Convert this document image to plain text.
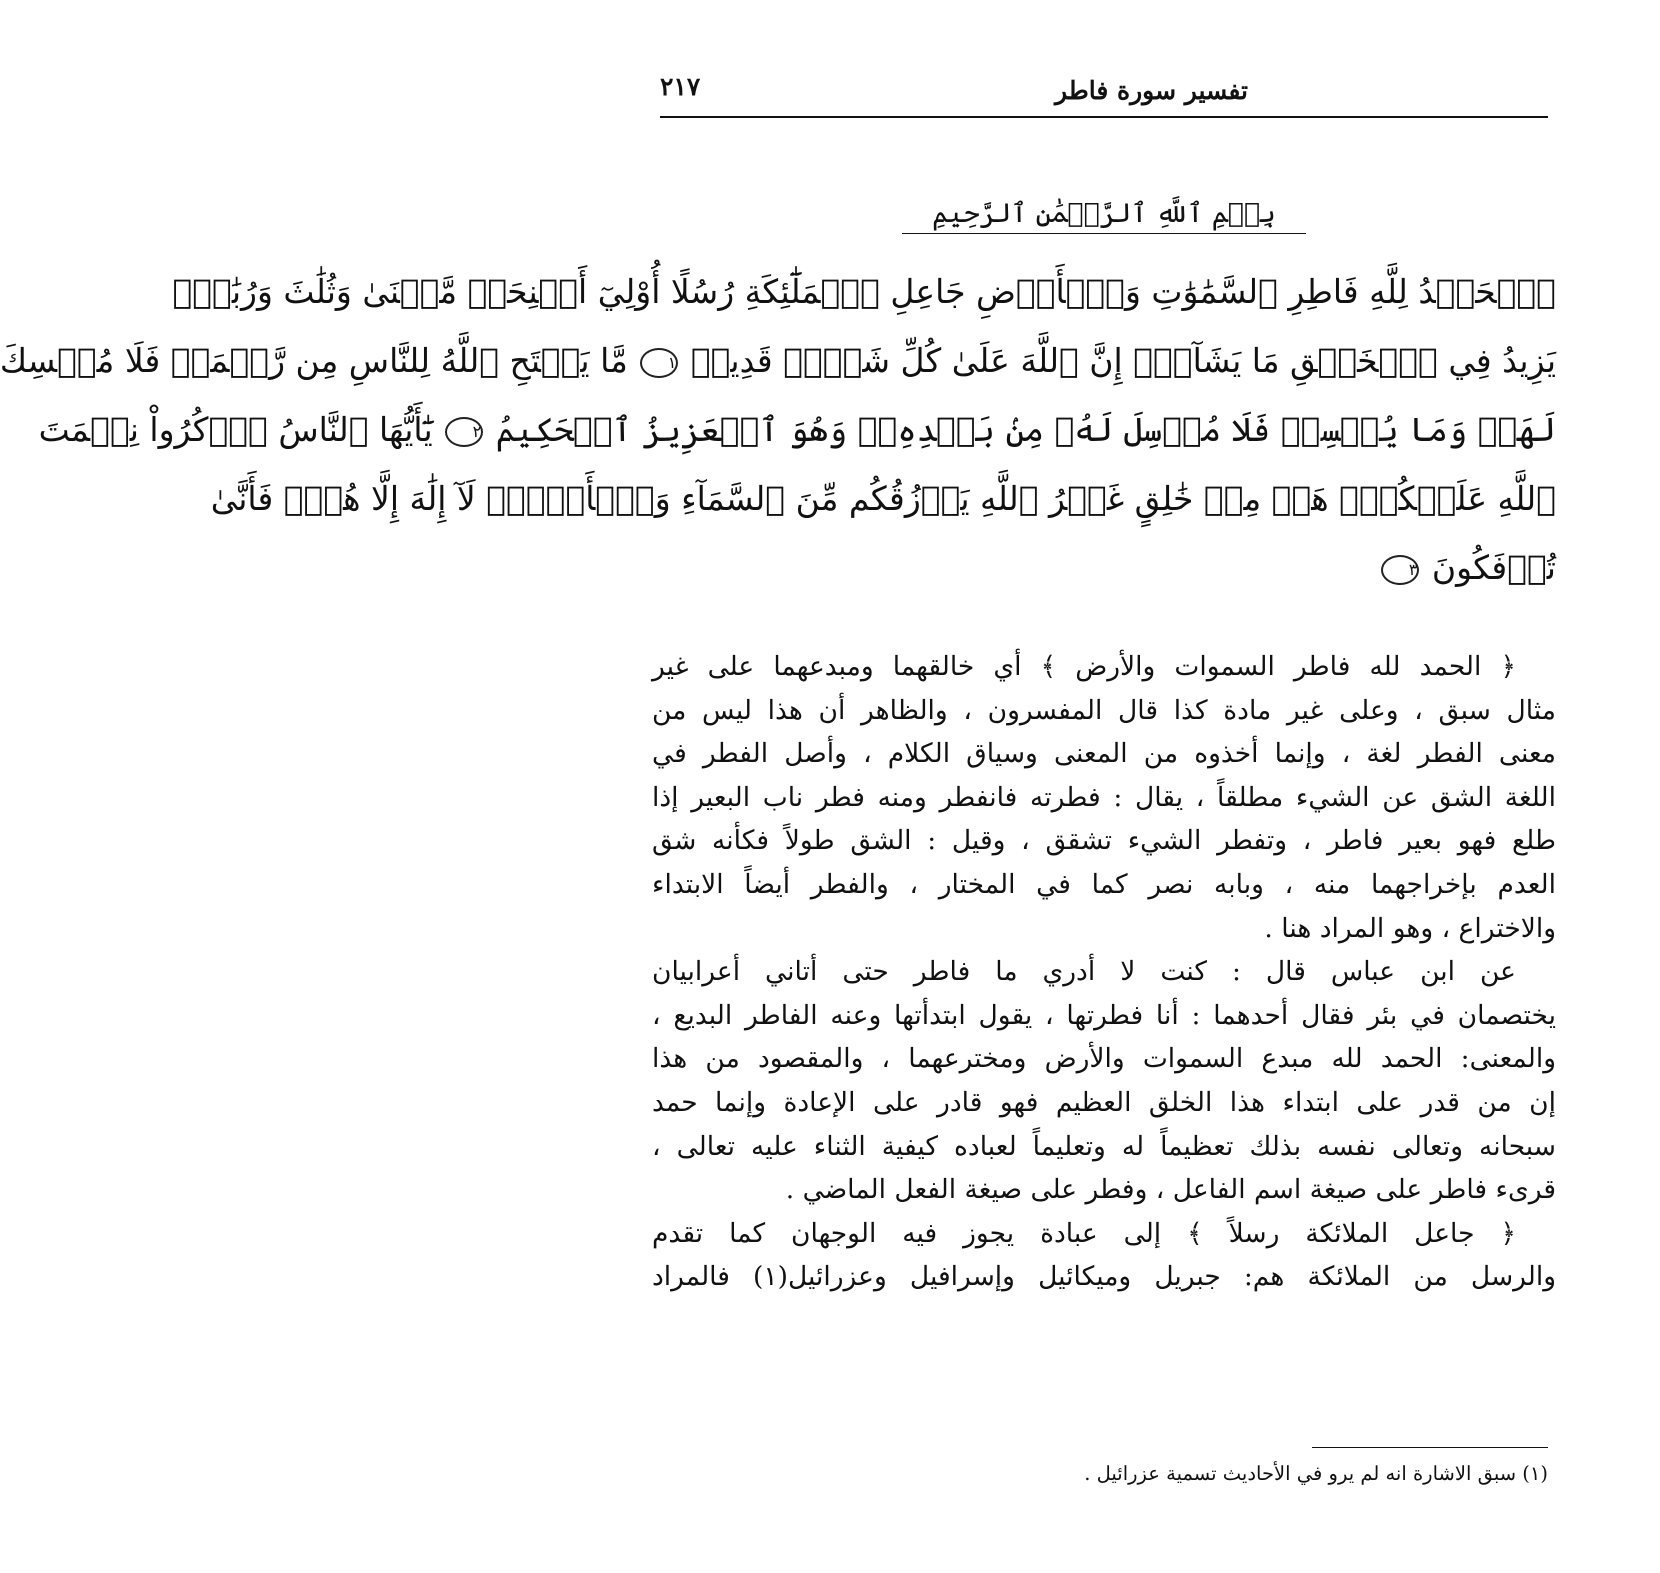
تفسير سورة فاطر
٢١٧
بِسۡمِ ٱللَّهِ ٱلرَّحۡمَٰنِ ٱلرَّحِيمِ
ٱلۡحَمۡدُ لِلَّهِ فَاطِرِ ٱلسَّمَٰوَٰتِ وَٱلۡأَرۡضِ جَاعِلِ ٱلۡمَلَٰٓئِكَةِ رُسُلًا أُوْلِيٓ أَجۡنِحَةٖ مَّثۡنَىٰ وَثُلَٰثَ وَرُبَٰعَۚ
يَزِيدُ فِي ٱلۡخَلۡقِ مَا يَشَآءُۚ إِنَّ ٱللَّهَ عَلَىٰ كُلِّ شَيۡءٖ قَدِيرٞ ١ مَّا يَفۡتَحِ ٱللَّهُ لِلنَّاسِ مِن رَّحۡمَةٖ فَلَا مُمۡسِكَ
لَهَاۖ وَمَا يُمۡسِكۡ فَلَا مُرۡسِلَ لَهُۥ مِنۢ بَعۡدِهِۦۚ وَهُوَ ٱلۡعَزِيزُ ٱلۡحَكِيمُ ٢ يَٰٓأَيُّهَا ٱلنَّاسُ ٱذۡكُرُواْ نِعۡمَتَ
ٱللَّهِ عَلَيۡكُمۡۚ هَلۡ مِنۡ خَٰلِقٍ غَيۡرُ ٱللَّهِ يَرۡزُقُكُم مِّنَ ٱلسَّمَآءِ وَٱلۡأَرۡضِۚ لَآ إِلَٰهَ إِلَّا هُوَۖ فَأَنَّىٰ
تُؤۡفَكُونَ ٣
﴿ الحمد لله فاطر السموات والأرض ﴾ أي خالقهما ومبدعهما على غير
مثال سبق ، وعلى غير مادة كذا قال المفسرون ، والظاهر أن هذا ليس من
معنى الفطر لغة ، وإنما أخذوه من المعنى وسياق الكلام ، وأصل الفطر في
اللغة الشق عن الشيء مطلقاً ، يقال : فطرته فانفطر ومنه فطر ناب البعير إذا
طلع فهو بعير فاطر ، وتفطر الشيء تشقق ، وقيل : الشق طولاً فكأنه شق
العدم بإخراجهما منه ، وبابه نصر كما في المختار ، والفطر أيضاً الابتداء
والاختراع ، وهو المراد هنا .
عن ابن عباس قال : كنت لا أدري ما فاطر حتى أتاني أعرابيان
يختصمان في بئر فقال أحدهما : أنا فطرتها ، يقول ابتدأتها وعنه الفاطر البديع ،
والمعنى: الحمد لله مبدع السموات والأرض ومخترعهما ، والمقصود من هذا
إن من قدر على ابتداء هذا الخلق العظيم فهو قادر على الإعادة وإنما حمد
سبحانه وتعالى نفسه بذلك تعظيماً له وتعليماً لعباده كيفية الثناء عليه تعالى ،
قرىء فاطر على صيغة اسم الفاعل ، وفطر على صيغة الفعل الماضي .
﴿ جاعل الملائكة رسلاً ﴾ إلى عبادة يجوز فيه الوجهان كما تقدم
والرسل من الملائكة هم: جبريل وميكائيل وإسرافيل وعزرائيل(١) فالمراد
(١) سبق الاشارة انه لم يرو في الأحاديث تسمية عزرائيل .
